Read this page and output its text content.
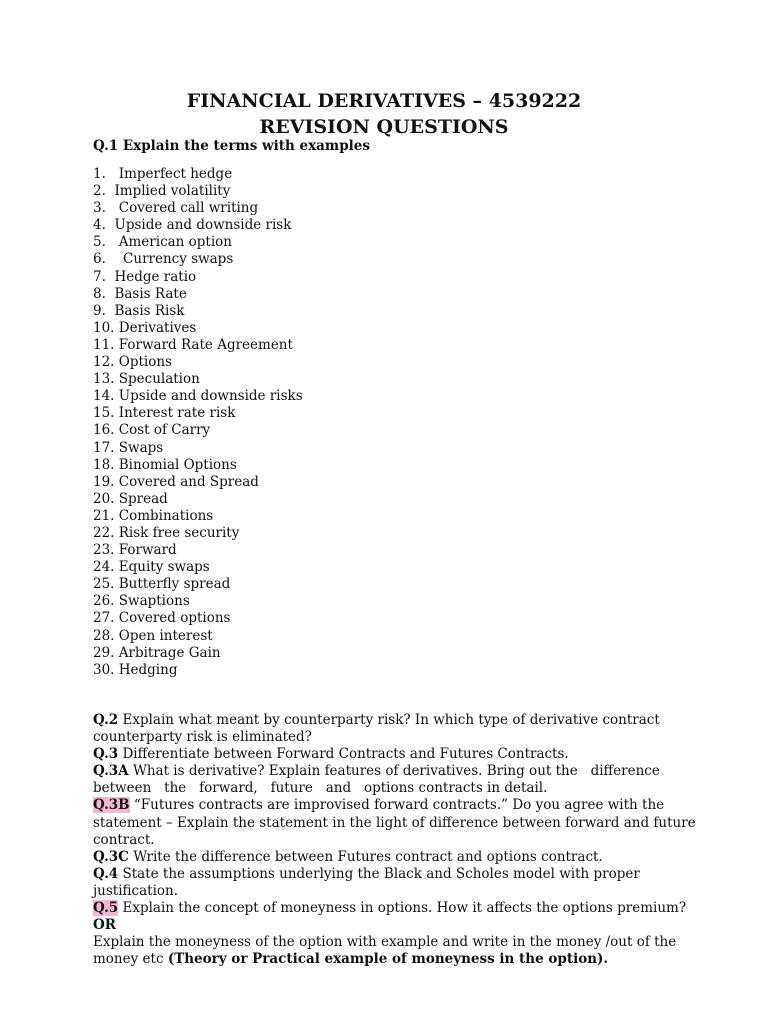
FINANCIAL DERIVATIVES – 4539222
REVISION QUESTIONS
Q.1 Explain the terms with examples
1.   Imperfect hedge
2.  Implied volatility
3.   Covered call writing
4.  Upside and downside risk
5.   American option
6.    Currency swaps
7.  Hedge ratio
8.  Basis Rate
9.  Basis Risk
10. Derivatives
11. Forward Rate Agreement
12. Options
13. Speculation
14. Upside and downside risks
15. Interest rate risk
16. Cost of Carry
17. Swaps
18. Binomial Options
19. Covered and Spread
20. Spread
21. Combinations
22. Risk free security
23. Forward
24. Equity swaps
25. Butterfly spread
26. Swaptions
27. Covered options
28. Open interest
29. Arbitrage Gain
30. Hedging
Q.2 Explain what meant by counterparty risk? In which type of derivative contract
counterparty risk is eliminated?
Q.3 Differentiate between Forward Contracts and Futures Contracts.
Q.3A What is derivative? Explain features of derivatives. Bring out the   difference
between   the   forward,   future   and   options contracts in detail.
Q.3B “Futures contracts are improvised forward contracts.” Do you agree with the
statement – Explain the statement in the light of difference between forward and future
contract.
Q.3C Write the difference between Futures contract and options contract.
Q.4 State the assumptions underlying the Black and Scholes model with proper
justification.
Q.5 Explain the concept of moneyness in options. How it affects the options premium?
OR
Explain the moneyness of the option with example and write in the money /out of the
money etc (Theory or Practical example of moneyness in the option).
